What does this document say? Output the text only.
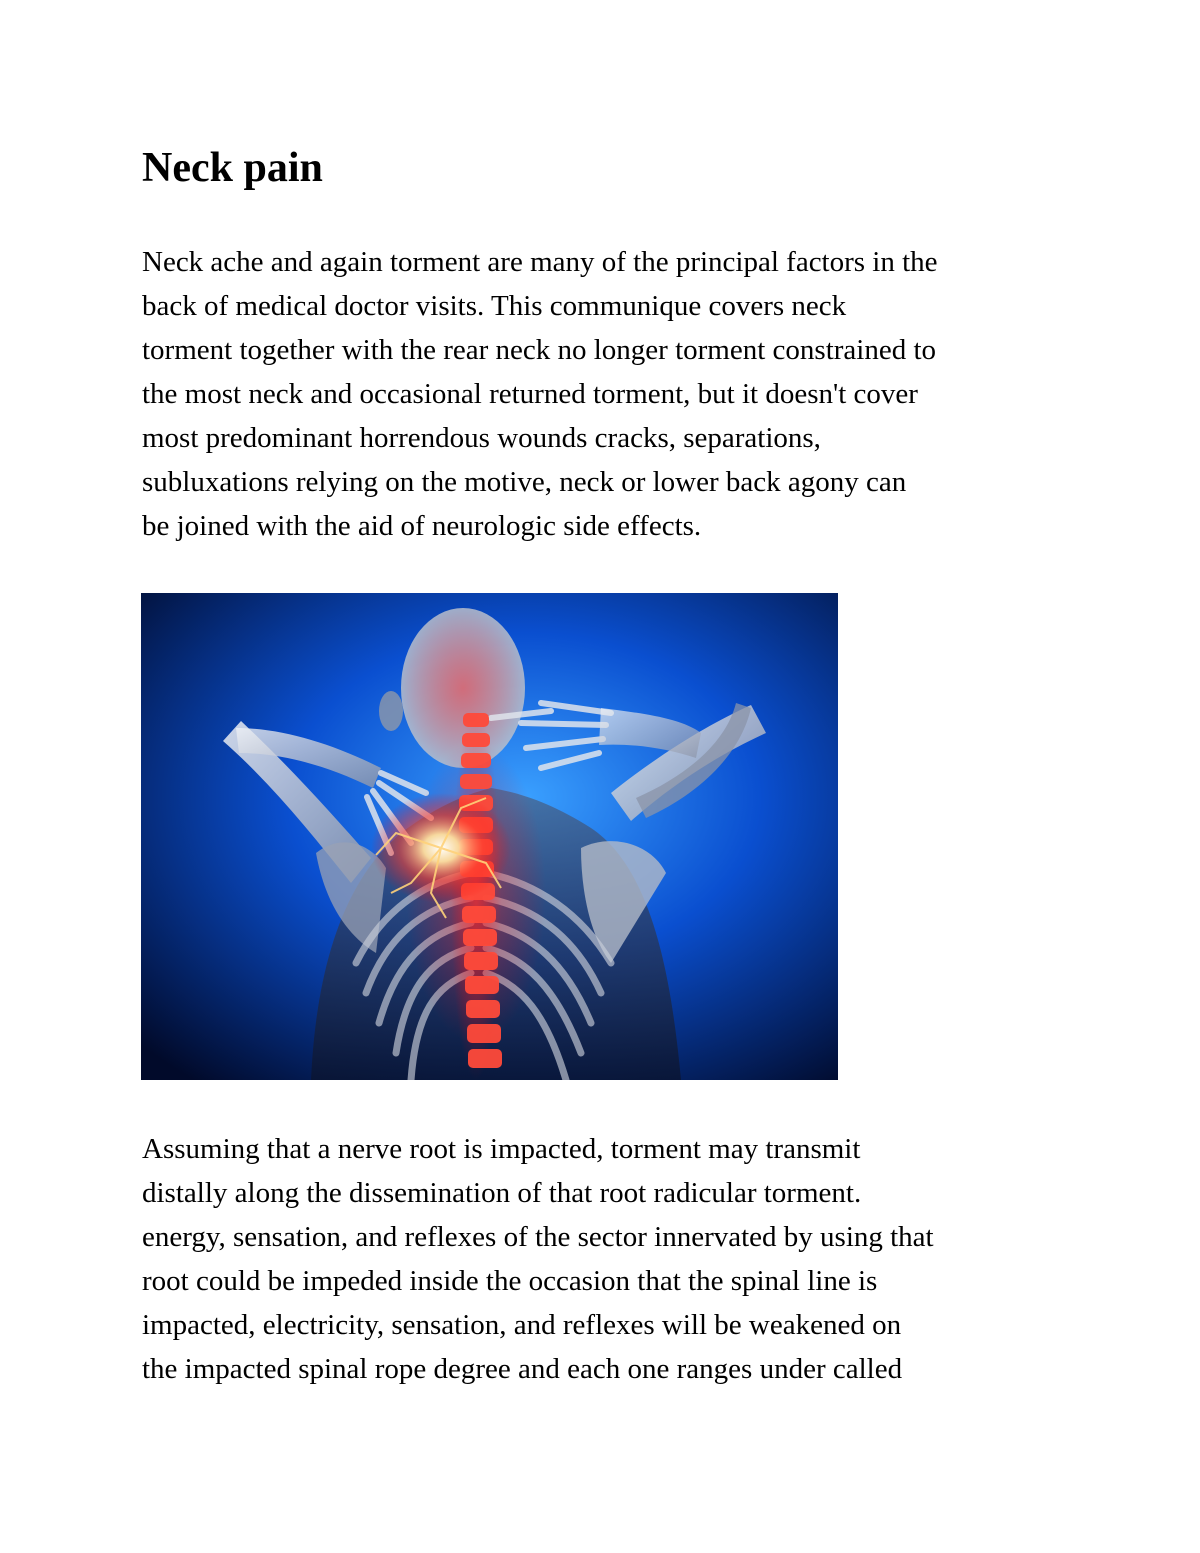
Neck pain
Neck ache and again torment are many of the principal factors in the
back of medical doctor visits. This communique covers neck
torment together with the rear neck no longer torment constrained to
the most neck and occasional returned torment, but it doesn't cover
most predominant horrendous wounds cracks, separations,
subluxations relying on the motive, neck or lower back agony can
be joined with the aid of neurologic side effects.
Assuming that a nerve root is impacted, torment may transmit
distally along the dissemination of that root radicular torment.
energy, sensation, and reflexes of the sector innervated by using that
root could be impeded inside the occasion that the spinal line is
impacted, electricity, sensation, and reflexes will be weakened on
the impacted spinal rope degree and each one ranges under called
